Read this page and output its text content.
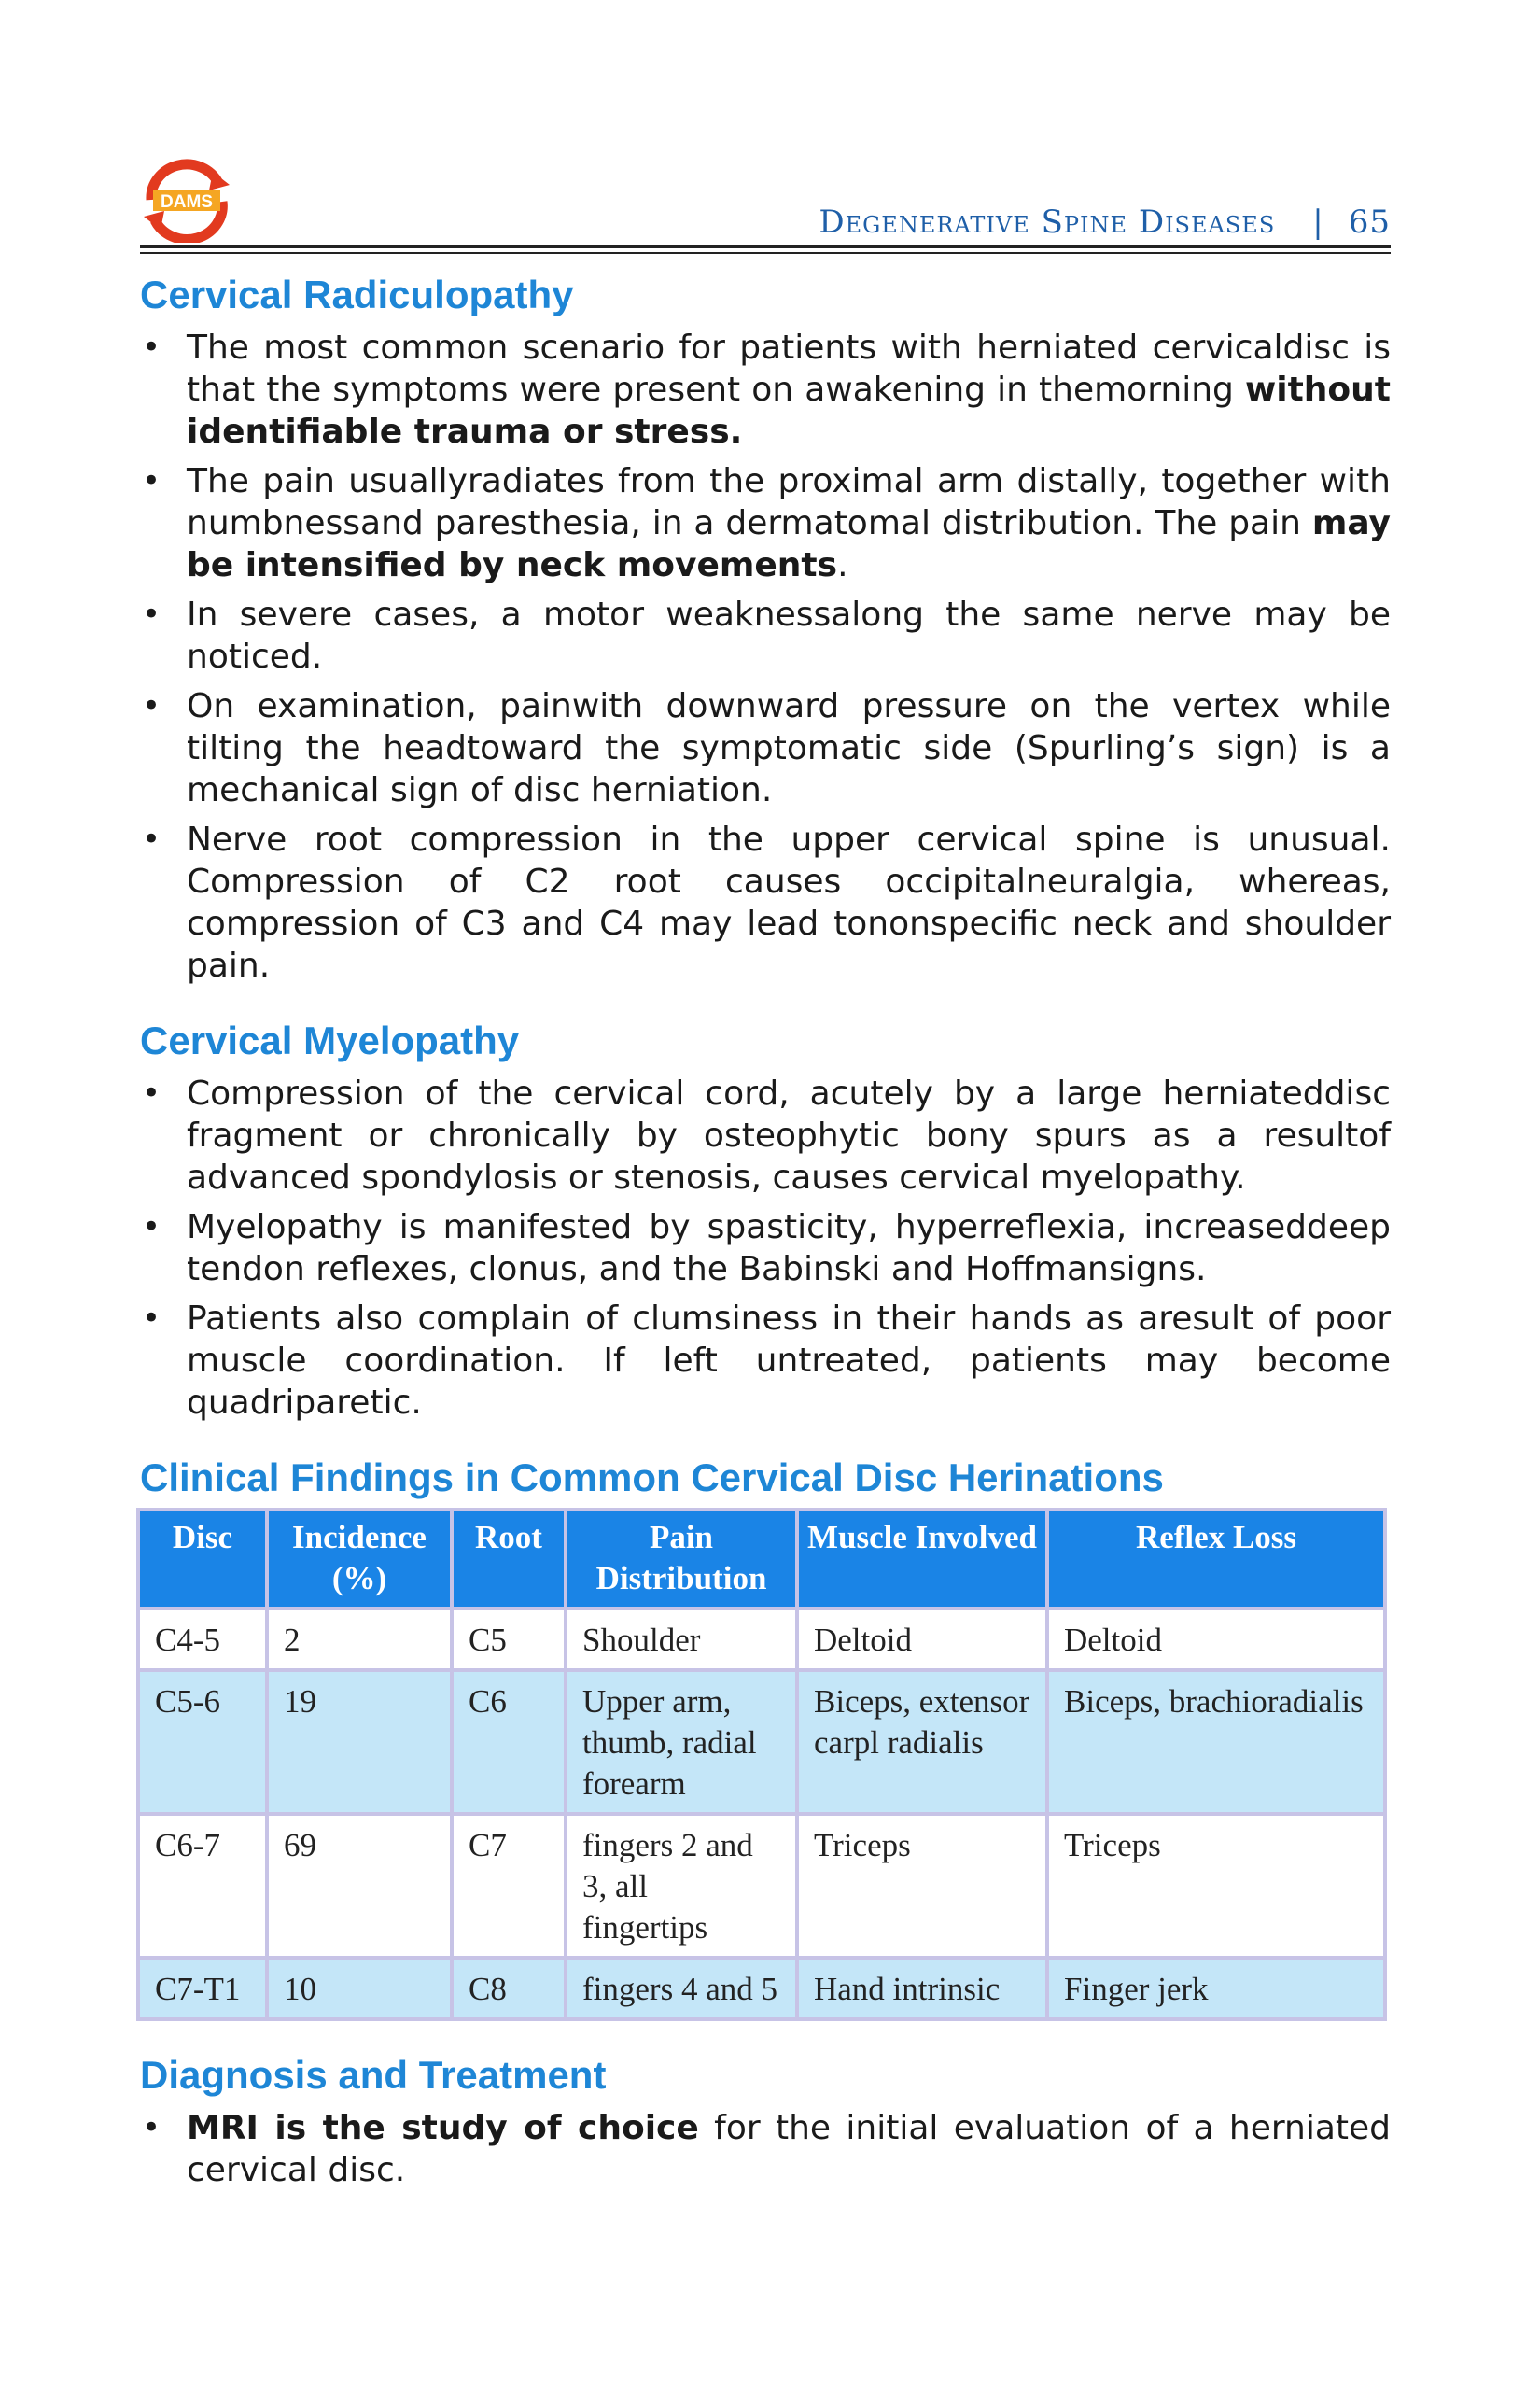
DAMS
Degenerative Spine Diseases | 65
Cervical Radiculopathy
• The most common scenario for patients with herniated cervicaldisc is that the symptoms were present on awakening in themorning without identifiable trauma or stress.
• The pain usuallyradiates from the proximal arm distally, together with numbnessand paresthesia, in a dermatomal distribution. The pain may be intensified by neck movements.
• In severe cases, a motor weaknessalong the same nerve may be noticed.
• On examination, painwith downward pressure on the vertex while tilting the headtoward the symptomatic side (Spurling’s sign) is a mechanical sign of disc herniation.
• Nerve root compression in the upper cervical spine is unusual. Compression of C2 root causes occipitalneuralgia, whereas, compression of C3 and C4 may lead tononspecific neck and shoulder pain.
Cervical Myelopathy
• Compression of the cervical cord, acutely by a large herniateddisc fragment or chronically by osteophytic bony spurs as a resultof advanced spondylosis or stenosis, causes cervical myelopathy.
• Myelopathy is manifested by spasticity, hyperreflexia, increaseddeep tendon reflexes, clonus, and the Babinski and Hoffmansigns.
• Patients also complain of clumsiness in their hands as aresult of poor muscle coordination. If left untreated, patients may become quadriparetic.
Clinical Findings in Common Cervical Disc Herinations
Disc	Incidence (%)	Root	Pain Distribution	Muscle Involved	Reflex Loss
C4-5	2	C5	Shoulder	Deltoid	Deltoid
C5-6	19	C6	Upper arm, thumb, radial forearm	Biceps, extensor carpl radialis	Biceps, brachioradialis
C6-7	69	C7	fingers 2 and 3, all fingertips	Triceps	Triceps
C7-T1	10	C8	fingers 4 and 5	Hand intrinsic	Finger jerk
Diagnosis and Treatment
• MRI is the study of choice for the initial evaluation of a herniated cervical disc.
